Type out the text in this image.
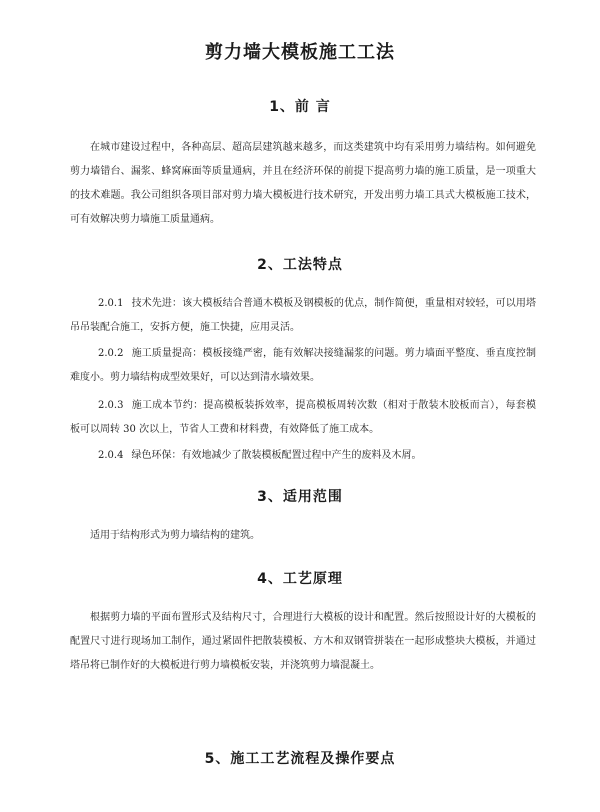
剪力墙大模板施工工法
1、前 言

在城市建设过程中，各种高层、超高层建筑越来越多，而这类建筑中均有采用剪力墙结构。如何避免剪力墙错台、漏浆、蜂窝麻面等质量通病，并且在经济环保的前提下提高剪力墙的施工质量，是一项重大的技术难题。我公司组织各项目部对剪力墙大模板进行技术研究，开发出剪力墙工具式大模板施工技术，可有效解决剪力墙施工质量通病。

2、工法特点

2.0.1 技术先进：该大模板结合普通木模板及钢模板的优点，制作简便，重量相对较轻，可以用塔吊吊装配合施工，安拆方便，施工快捷，应用灵活。

2.0.2 施工质量提高：模板接缝严密，能有效解决接缝漏浆的问题。剪力墙面平整度、垂直度控制难度小。剪力墙结构成型效果好，可以达到清水墙效果。

2.0.3 施工成本节约：提高模板装拆效率，提高模板周转次数（相对于散装木胶板而言），每套模板可以周转 30 次以上，节省人工费和材料费，有效降低了施工成本。

2.0.4 绿色环保：有效地减少了散装模板配置过程中产生的废料及木屑。

3、适用范围

适用于结构形式为剪力墙结构的建筑。

4、工艺原理

根据剪力墙的平面布置形式及结构尺寸，合理进行大模板的设计和配置。然后按照设计好的大模板的配置尺寸进行现场加工制作，通过紧固件把散装模板、方木和双钢管拼装在一起形成整块大模板，并通过塔吊将已制作好的大模板进行剪力墙模板安装，并浇筑剪力墙混凝土。

5、施工工艺流程及操作要点
